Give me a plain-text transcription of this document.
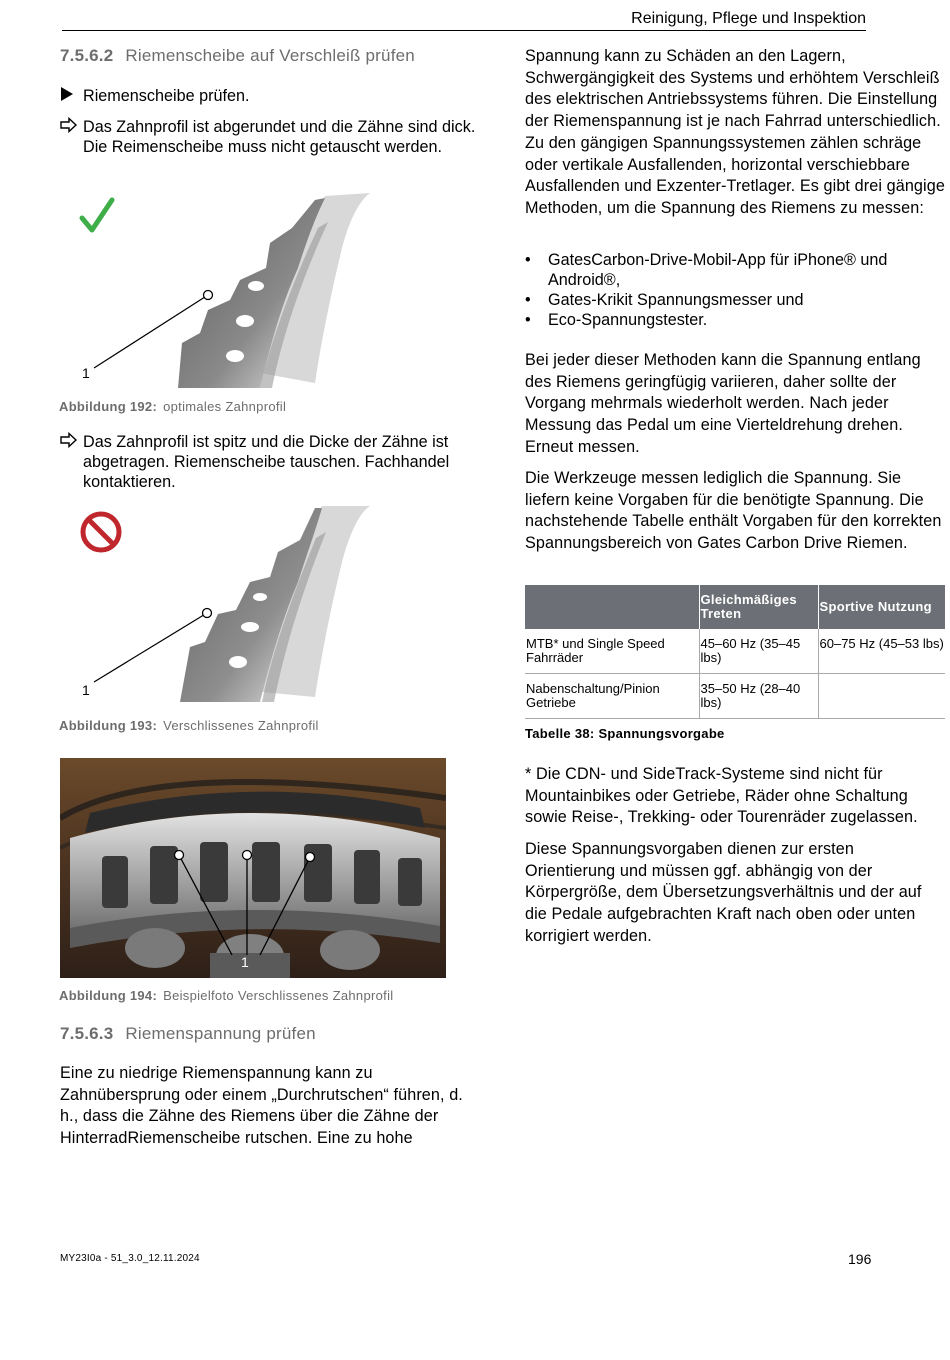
Reinigung, Pflege und Inspektion
7.5.6.2 Riemenscheibe auf Verschleiß prüfen
Riemenscheibe prüfen.
Das Zahnprofil ist abgerundet und die Zähne sind dick. Die Reimenscheibe muss nicht getauscht werden.
1
Abbildung 192: optimales Zahnprofil
Das Zahnprofil ist spitz und die Dicke der Zähne ist abgetragen. Riemenscheibe tauschen. Fachhandel kontaktieren.
1
Abbildung 193: Verschlissenes Zahnprofil
1
Abbildung 194: Beispielfoto Verschlissenes Zahnprofil
7.5.6.3 Riemenspannung prüfen
Eine zu niedrige Riemenspannung kann zu Zahnübersprung oder einem „Durchrutschen“ führen, d. h., dass die Zähne des Riemens über die Zähne der HinterradRiemenscheibe rutschen. Eine zu hohe
Spannung kann zu Schäden an den Lagern, Schwergängigkeit des Systems und erhöhtem Verschleiß des elektrischen Antriebssystems führen. Die Einstellung der Riemenspannung ist je nach Fahrrad unterschiedlich. Zu den gängigen Spannungssystemen zählen schräge oder vertikale Ausfallenden, horizontal verschiebbare Ausfallenden und Exzenter-Tretlager. Es gibt drei gängige Methoden, um die Spannung des Riemens zu messen:
• GatesCarbon-Drive-Mobil-App für iPhone® und Android®,
• Gates-Krikit Spannungsmesser und
• Eco-Spannungstester.
Bei jeder dieser Methoden kann die Spannung entlang des Riemens geringfügig variieren, daher sollte der Vorgang mehrmals wiederholt werden. Nach jeder Messung das Pedal um eine Vierteldrehung drehen. Erneut messen.
Die Werkzeuge messen lediglich die Spannung. Sie liefern keine Vorgaben für die benötigte Spannung. Die nachstehende Tabelle enthält Vorgaben für den korrekten Spannungsbereich von Gates Carbon Drive Riemen.
	Gleichmäßiges Treten	Sportive Nutzung
MTB* und Single Speed Fahrräder	45–60 Hz (35–45 lbs)	60–75 Hz (45–53 lbs)
Nabenschaltung/Pinion Getriebe	35–50 Hz (28–40 lbs)	
Tabelle 38: Spannungsvorgabe
* Die CDN- und SideTrack-Systeme sind nicht für Mountainbikes oder Getriebe, Räder ohne Schaltung sowie Reise-, Trekking- oder Tourenräder zugelassen.
Diese Spannungsvorgaben dienen zur ersten Orientierung und müssen ggf. abhängig von der Körpergröße, dem Übersetzungsverhältnis und der auf die Pedale aufgebrachten Kraft nach oben oder unten korrigiert werden.
MY23I0a - 51_3.0_12.11.2024	196
